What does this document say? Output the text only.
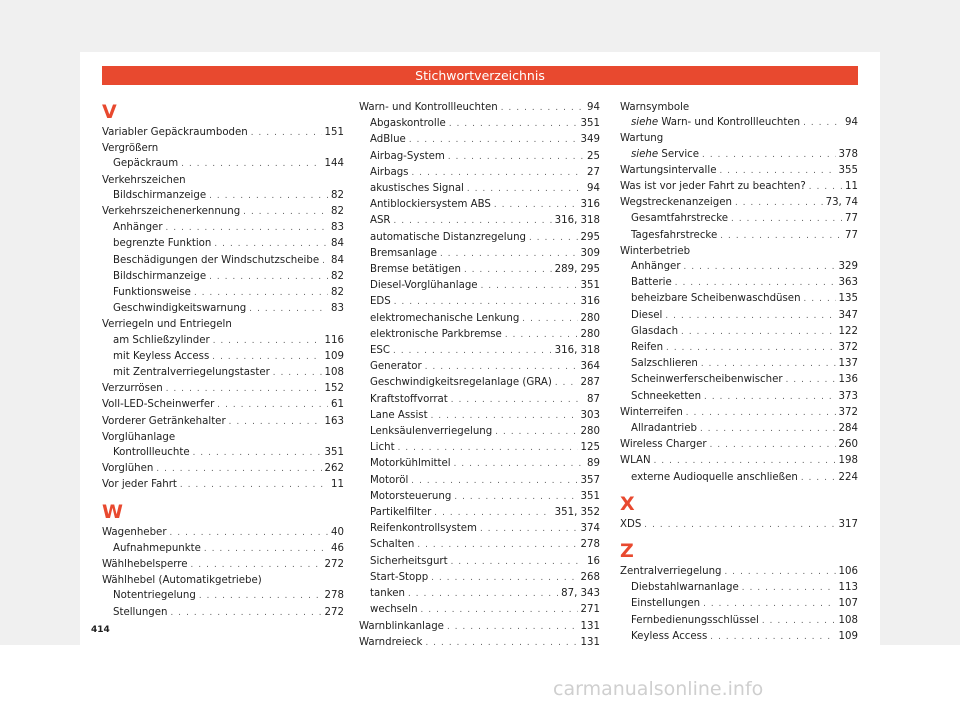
Stichwortverzeichnis
V
Variabler Gepäckraumboden . . .	151
Vergrößern
Gepäckraum . . .	144
Verkehrszeichen
Bildschirmanzeige . . .	82
Verkehrszeichenerkennung . . .	82
Anhänger . . .	83
begrenzte Funktion . . .	84
Beschädigungen der Windschutzscheibe . . . 84
Bildschirmanzeige . . .	82
Funktionsweise . . .	82
Geschwindigkeitswarnung . . .	83
Verriegeln und Entriegeln
am Schließzylinder . . .	116
mit Keyless Access . . .	109
mit Zentralverriegelungstaster . . .	108
Verzurrösen . . .	152
Voll-LED-Scheinwerfer . . .	61
Vorderer Getränkehalter . . .	163
Vorglühanlage
Kontrollleuchte . . .	351
Vorglühen . . .	262
Vor jeder Fahrt . . .	11
W
Wagenheber . . .	40
Aufnahmepunkte . . .	46
Wählhebelsperre . . .	272
Wählhebel (Automatikgetriebe)
Notentriegelung . . .	278
Stellungen . . .	272
Warn- und Kontrollleuchten . . .	94
Abgaskontrolle . . .	351
AdBlue . . .	349
Airbag-System . . .	25
Airbags . . .	27
akustisches Signal . . .	94
Antiblockiersystem ABS . . .	316
ASR . . .	316, 318
automatische Distanzregelung . . .	295
Bremsanlage . . .	309
Bremse betätigen . . .	289, 295
Diesel-Vorglühanlage . . .	351
EDS . . .	316
elektromechanische Lenkung . . .	280
elektronische Parkbremse . . .	280
ESC . . .	316, 318
Generator . . .	364
Geschwindigkeitsregelanlage (GRA) . . .	287
Kraftstoffvorrat . . .	87
Lane Assist . . .	303
Lenksäulenverriegelung . . .	280
Licht . . .	125
Motorkühlmittel . . .	89
Motoröl . . .	357
Motorsteuerung . . .	351
Partikelfilter . . .	351, 352
Reifenkontrollsystem . . .	374
Schalten . . .	278
Sicherheitsgurt . . .	16
Start-Stopp . . .	268
tanken . . .	87, 343
wechseln . . .	271
Warnblinkanlage . . .	131
Warndreieck . . .	131
Warnsymbole
siehe Warn- und Kontrollleuchten . . .	94
Wartung
siehe Service . . .	378
Wartungsintervalle . . .	355
Was ist vor jeder Fahrt zu beachten? . . .	11
Wegstreckenanzeigen . . .	73, 74
Gesamtfahrstrecke . . .	77
Tagesfahrstrecke . . .	77
Winterbetrieb
Anhänger . . .	329
Batterie . . .	363
beheizbare Scheibenwaschdüsen . . .	135
Diesel . . .	347
Glasdach . . .	122
Reifen . . .	372
Salzschlieren . . .	137
Scheinwerferscheibenwischer . . .	136
Schneeketten . . .	373
Winterreifen . . .	372
Allradantrieb . . .	284
Wireless Charger . . .	260
WLAN . . .	198
externe Audioquelle anschließen . . .	224
X
XDS . . .	317
Z
Zentralverriegelung . . .	106
Diebstahlwarnanlage . . .	113
Einstellungen . . .	107
Fernbedienungsschlüssel . . .	108
Keyless Access . . .	109
414
carmanualsonline.info
